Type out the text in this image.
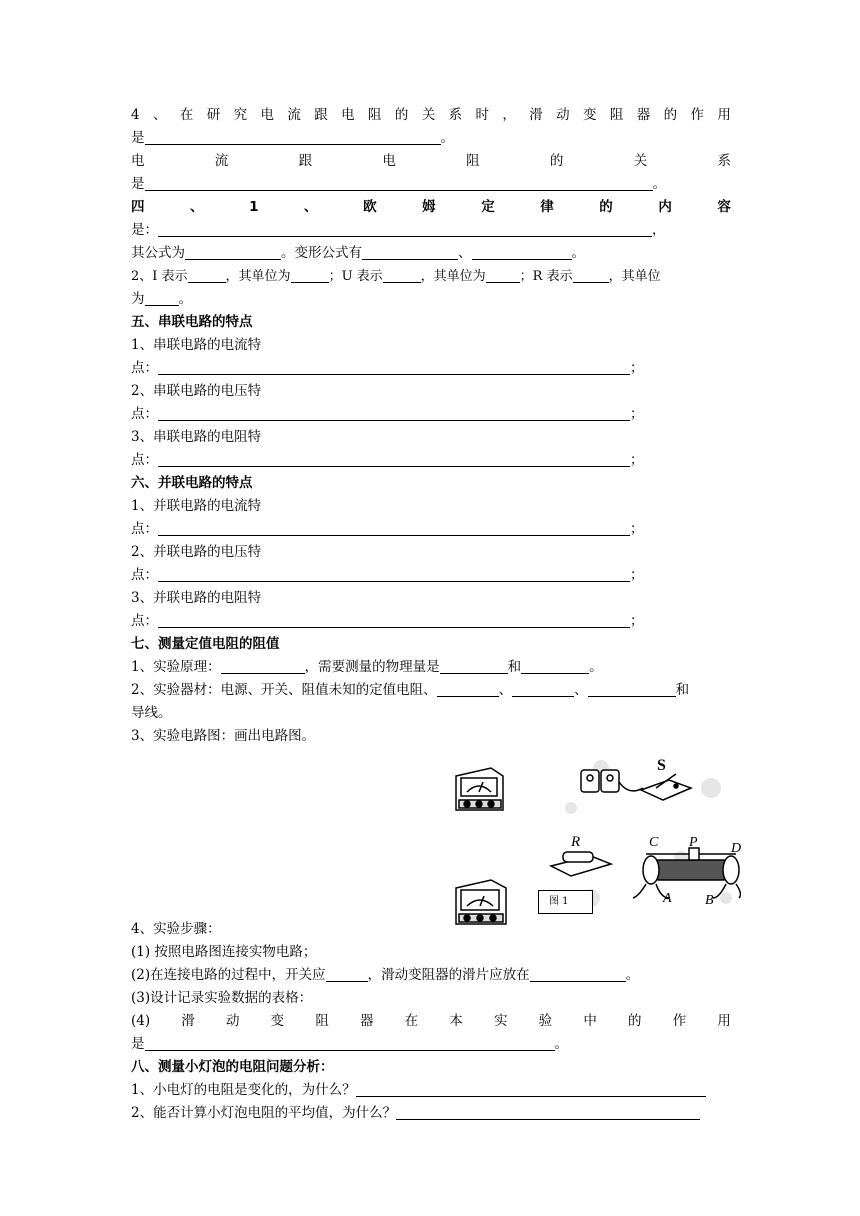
4 、 在 研 究 电 流 跟 电 阻 的 关 系 时 ， 滑 动 变 阻 器 的 作 用
是	。
电	流	跟	电	阻	的	关	系
是	。
四	、	1	、	欧	姆	定	律	的	内	容
是：	，
其公式为	。变形公式有	、	。
2、I 表示	，其单位为	；U 表示	，其单位为	；R 表示	，其单位
为	。
五、串联电路的特点
1、串联电路的电流特
点：	；
2、串联电路的电压特
点：	；
3、串联电路的电阻特
点：	；
六、并联电路的特点
1、并联电路的电流特
点：	；
2、并联电路的电压特
点：	；
3、并联电路的电阻特
点：	；
七、测量定值电阻的阻值
1、实验原理：	，需要测量的物理量是	和	。
2、实验器材：电源、开关、阻值未知的定值电阻、	、	、	和
导线。
3、实验电路图：画出电路图。
S
R	C P D
A B
图 1
4、实验步骤：
(1) 按照电路图连接实物电路；
(2)在连接电路的过程中，开关应	，滑动变阻器的滑片应放在	。
(3)设计记录实验数据的表格：
(4) 滑 动 变 阻 器 在 本 实 验 中 的 作 用
是	。
八、测量小灯泡的电阻问题分析：
1、小电灯的电阻是变化的，为什么？
2、能否计算小灯泡电阻的平均值，为什么？
